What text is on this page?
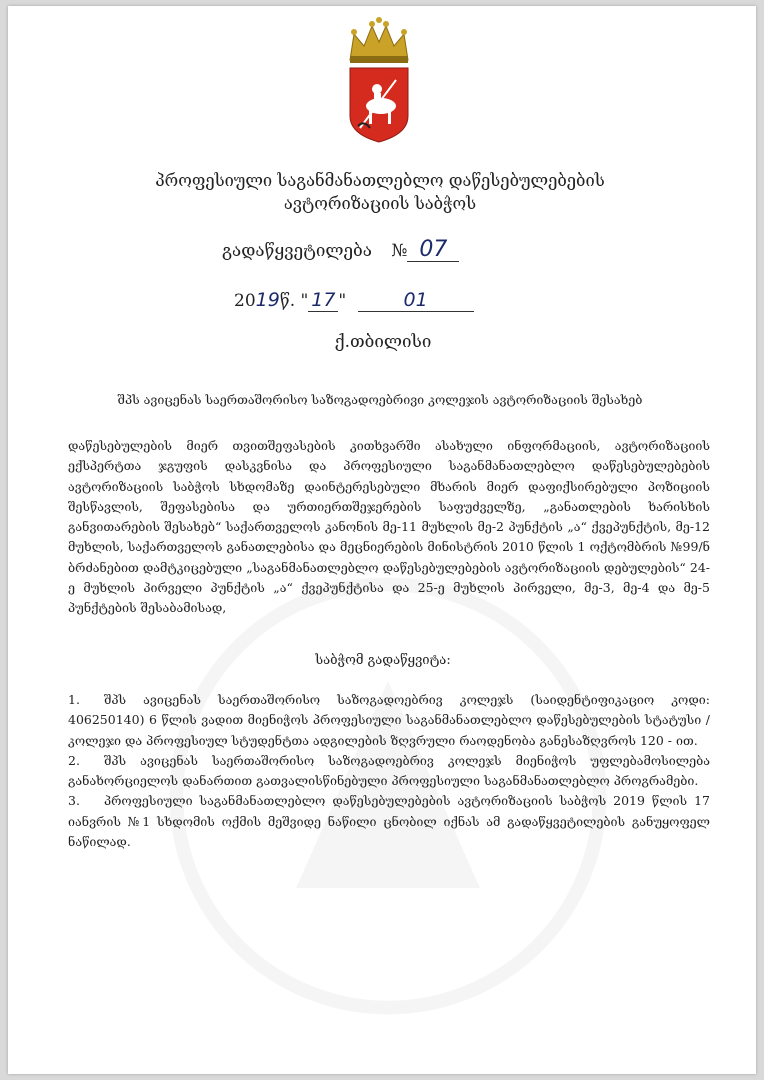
პროფესიული საგანმანათლებლო დაწესებულებების
ავტორიზაციის საბჭოს
გადაწყვეტილება № 07
2019წ. " 17 "	01
ქ.თბილისი
შპს ავიცენას საერთაშორისო საზოგადოებრივი კოლეჯის ავტორიზაციის შესახებ
დაწესებულების მიერ თვითშეფასების კითხვარში ასახული ინფორმაციის, ავტორიზაციის ექსპერტთა ჯგუფის დასკვნისა და პროფესიული საგანმანათლებლო დაწესებულებების ავტორიზაციის საბჭოს სხდომაზე დაინტერესებული მხარის მიერ დაფიქსირებული პოზიციის შესწავლის, შეფასებისა და ურთიერთშეჯერების საფუძველზე, „განათლების ხარისხის განვითარების შესახებ“ საქართველოს კანონის მე-11 მუხლის მე-2 პუნქტის „ა“ ქვეპუნქტის, მე-12 მუხლის, საქართველოს განათლებისა და მეცნიერების მინისტრის 2010 წლის 1 ოქტომბრის №99/ნ ბრძანებით დამტკიცებული „საგანმანათლებლო დაწესებულებების ავტორიზაციის დებულების“ 24-ე მუხლის პირველი პუნქტის „ა“ ქვეპუნქტისა და 25-ე მუხლის პირველი, მე-3, მე-4 და მე-5 პუნქტების შესაბამისად,
საბჭომ გადაწყვიტა:

1. შპს ავიცენას საერთაშორისო საზოგადოებრივ კოლეჯს (საიდენტიფიკაციო კოდი: 406250140) 6 წლის ვადით მიენიჭოს პროფესიული საგანმანათლებლო დაწესებულების სტატუსი / კოლეჯი და პროფესიულ სტუდენტთა ადგილების ზღვრული რაოდენობა განესაზღვროს 120 - ით.

2. შპს ავიცენას საერთაშორისო საზოგადოებრივ კოლეჯს მიენიჭოს უფლებამოსილება განახორციელოს დანართით გათვალისწინებული პროფესიული საგანმანათლებლო პროგრამები.

3. პროფესიული საგანმანათლებლო დაწესებულებების ავტორიზაციის საბჭოს 2019 წლის 17 იანვრის №1 სხდომის ოქმის მეშვიდე ნაწილი ცნობილ იქნას ამ გადაწყვეტილების განუყოფელ ნაწილად.
